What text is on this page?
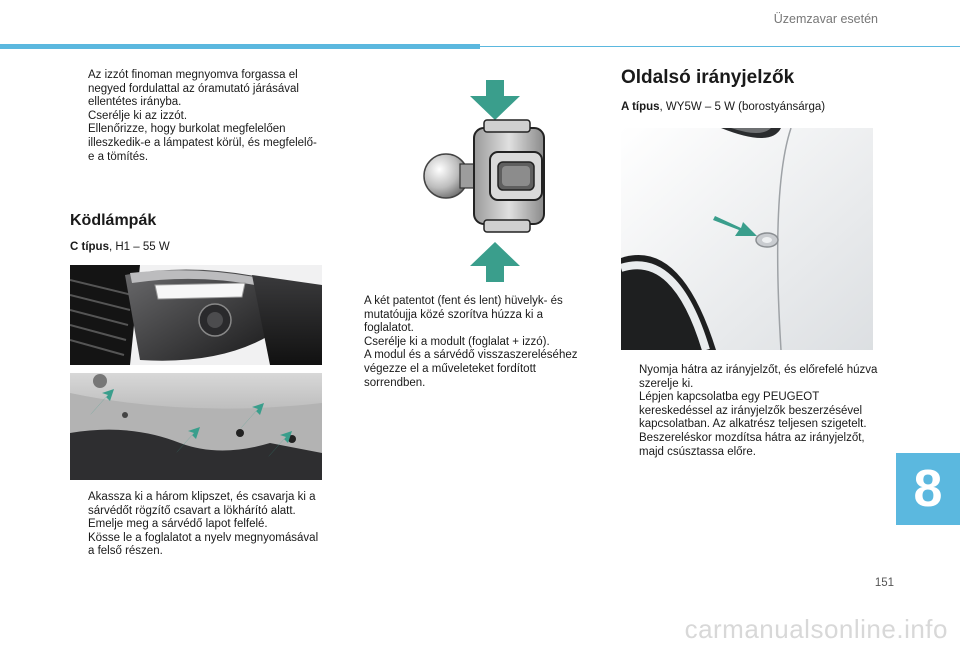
Üzemzavar esetén
Az izzót finoman megnyomva forgassa el negyed fordulattal az óramutató járásával ellentétes irányba.
Cserélje ki az izzót.
Ellenőrizze, hogy burkolat megfelelően illeszkedik-e a lámpatest körül, és megfelelő-e a tömítés.
Ködlámpák
C típus, H1 – 55 W
Akassza ki a három klipszet, és csavarja ki a sárvédőt rögzítő csavart a lökhárító alatt.
Emelje meg a sárvédő lapot felfelé.
Kösse le a foglalatot a nyelv megnyomásával a felső részen.
A két patentot (fent és lent) hüvelyk- és mutatóujja közé szorítva húzza ki a foglalatot.
Cserélje ki a modult (foglalat + izzó).
A modul és a sárvédő visszaszereléséhez végezze el a műveleteket fordított sorrendben.
Oldalsó irányjelzők
A típus, WY5W – 5 W (borostyánsárga)
Nyomja hátra az irányjelzőt, és előrefelé húzva szerelje ki.
Lépjen kapcsolatba egy PEUGEOT kereskedéssel az irányjelzők beszerzésével kapcsolatban. Az alkatrész teljesen szigetelt.
Beszereléskor mozdítsa hátra az irányjelzőt, majd csúsztassa előre.
8
151
carmanualsonline.info
